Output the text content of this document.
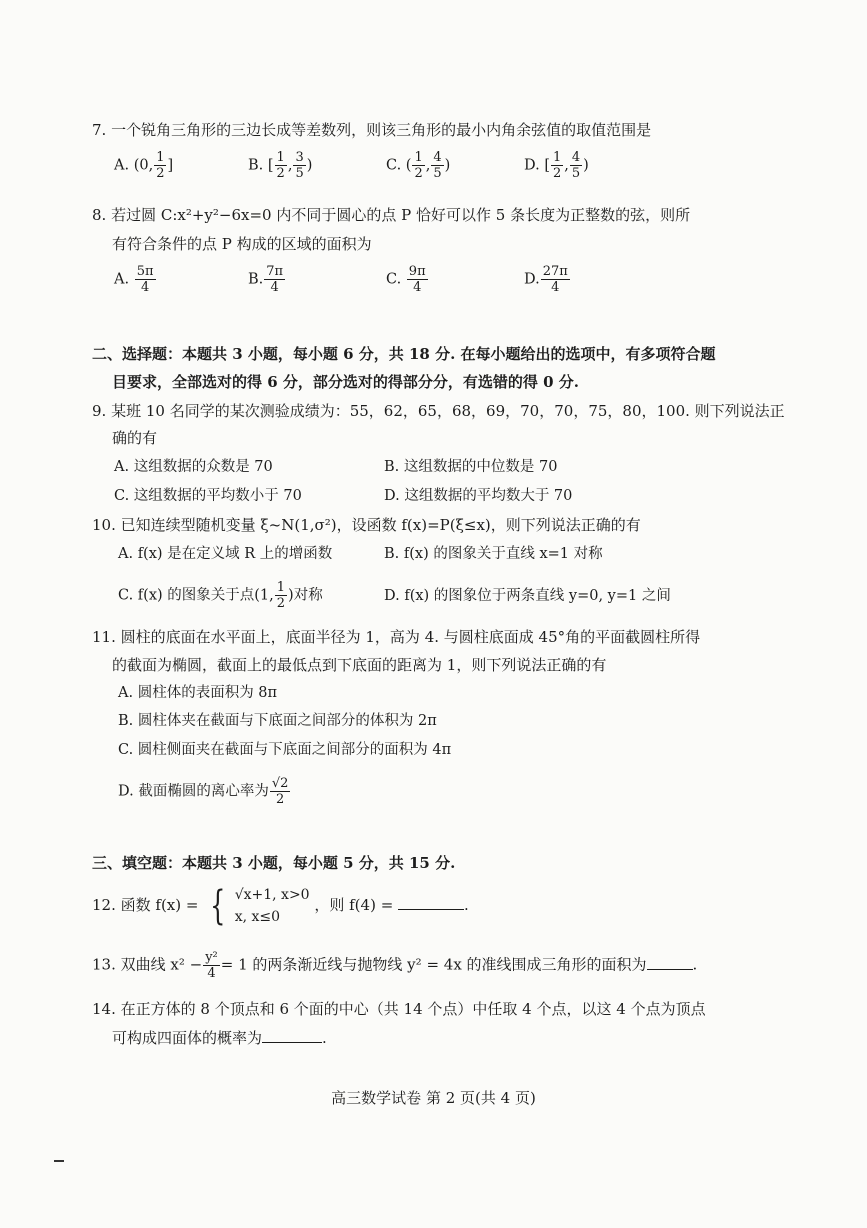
7. 一个锐角三角形的三边长成等差数列，则该三角形的最小内角余弦值的取值范围是
A. (0, $\frac{1}{2}$ ]	B. [ $\frac{1}{2}$ , $\frac{3}{5}$ )	C. ( $\frac{1}{2}$ , $\frac{4}{5}$ )	D. [ $\frac{1}{2}$ , $\frac{4}{5}$ )
8. 若过圆 C:x²+y²−6x=0 内不同于圆心的点 P 恰好可以作 5 条长度为正整数的弦，则所
有符合条件的点 P 构成的区域的面积为
A. $\frac{5\pi}{4}$	B. $\frac{7\pi}{4}$	C. $\frac{9\pi}{4}$	D. $\frac{27\pi}{4}$
二、选择题：本题共 3 小题，每小题 6 分，共 18 分. 在每小题给出的选项中，有多项符合题
目要求，全部选对的得 6 分，部分选对的得部分分，有选错的得 0 分.
9. 某班 10 名同学的某次测验成绩为：55，62，65，68，69，70，70，75，80，100. 则下列说法正
确的有
A. 这组数据的众数是 70	B. 这组数据的中位数是 70
C. 这组数据的平均数小于 70	D. 这组数据的平均数大于 70
10. 已知连续型随机变量 ξ~N(1,σ²)，设函数 f(x)=P(ξ≤x)，则下列说法正确的有
A. f(x) 是在定义域 R 上的增函数	B. f(x) 的图象关于直线 x=1 对称
C. f(x) 的图象关于点(1, $\frac{1}{2}$ )对称	D. f(x) 的图象位于两条直线 y=0, y=1 之间
11. 圆柱的底面在水平面上，底面半径为 1，高为 4. 与圆柱底面成 45°角的平面截圆柱所得
的截面为椭圆，截面上的最低点到下底面的距离为 1，则下列说法正确的有
A. 圆柱体的表面积为 8π
B. 圆柱体夹在截面与下底面之间部分的体积为 2π
C. 圆柱侧面夹在截面与下底面之间部分的面积为 4π
D. 截面椭圆的离心率为 $\frac{√2}{2}$
三、填空题：本题共 3 小题，每小题 5 分，共 15 分.
12. 函数 f(x) = { √x+1, x>0
x, x≤0
，则 f(4) =	.
13. 双曲线 $x^2 - \frac{\text{y²}}{4} = 1$ 的两条渐近线与抛物线 y² = 4x 的准线围成三角形的面积为	.
14. 在正方体的 8 个顶点和 6 个面的中心（共 14 个点）中任取 4 个点，以这 4 个点为顶点
可构成四面体的概率为	.
高三数学试卷 第 2 页(共 4 页)
